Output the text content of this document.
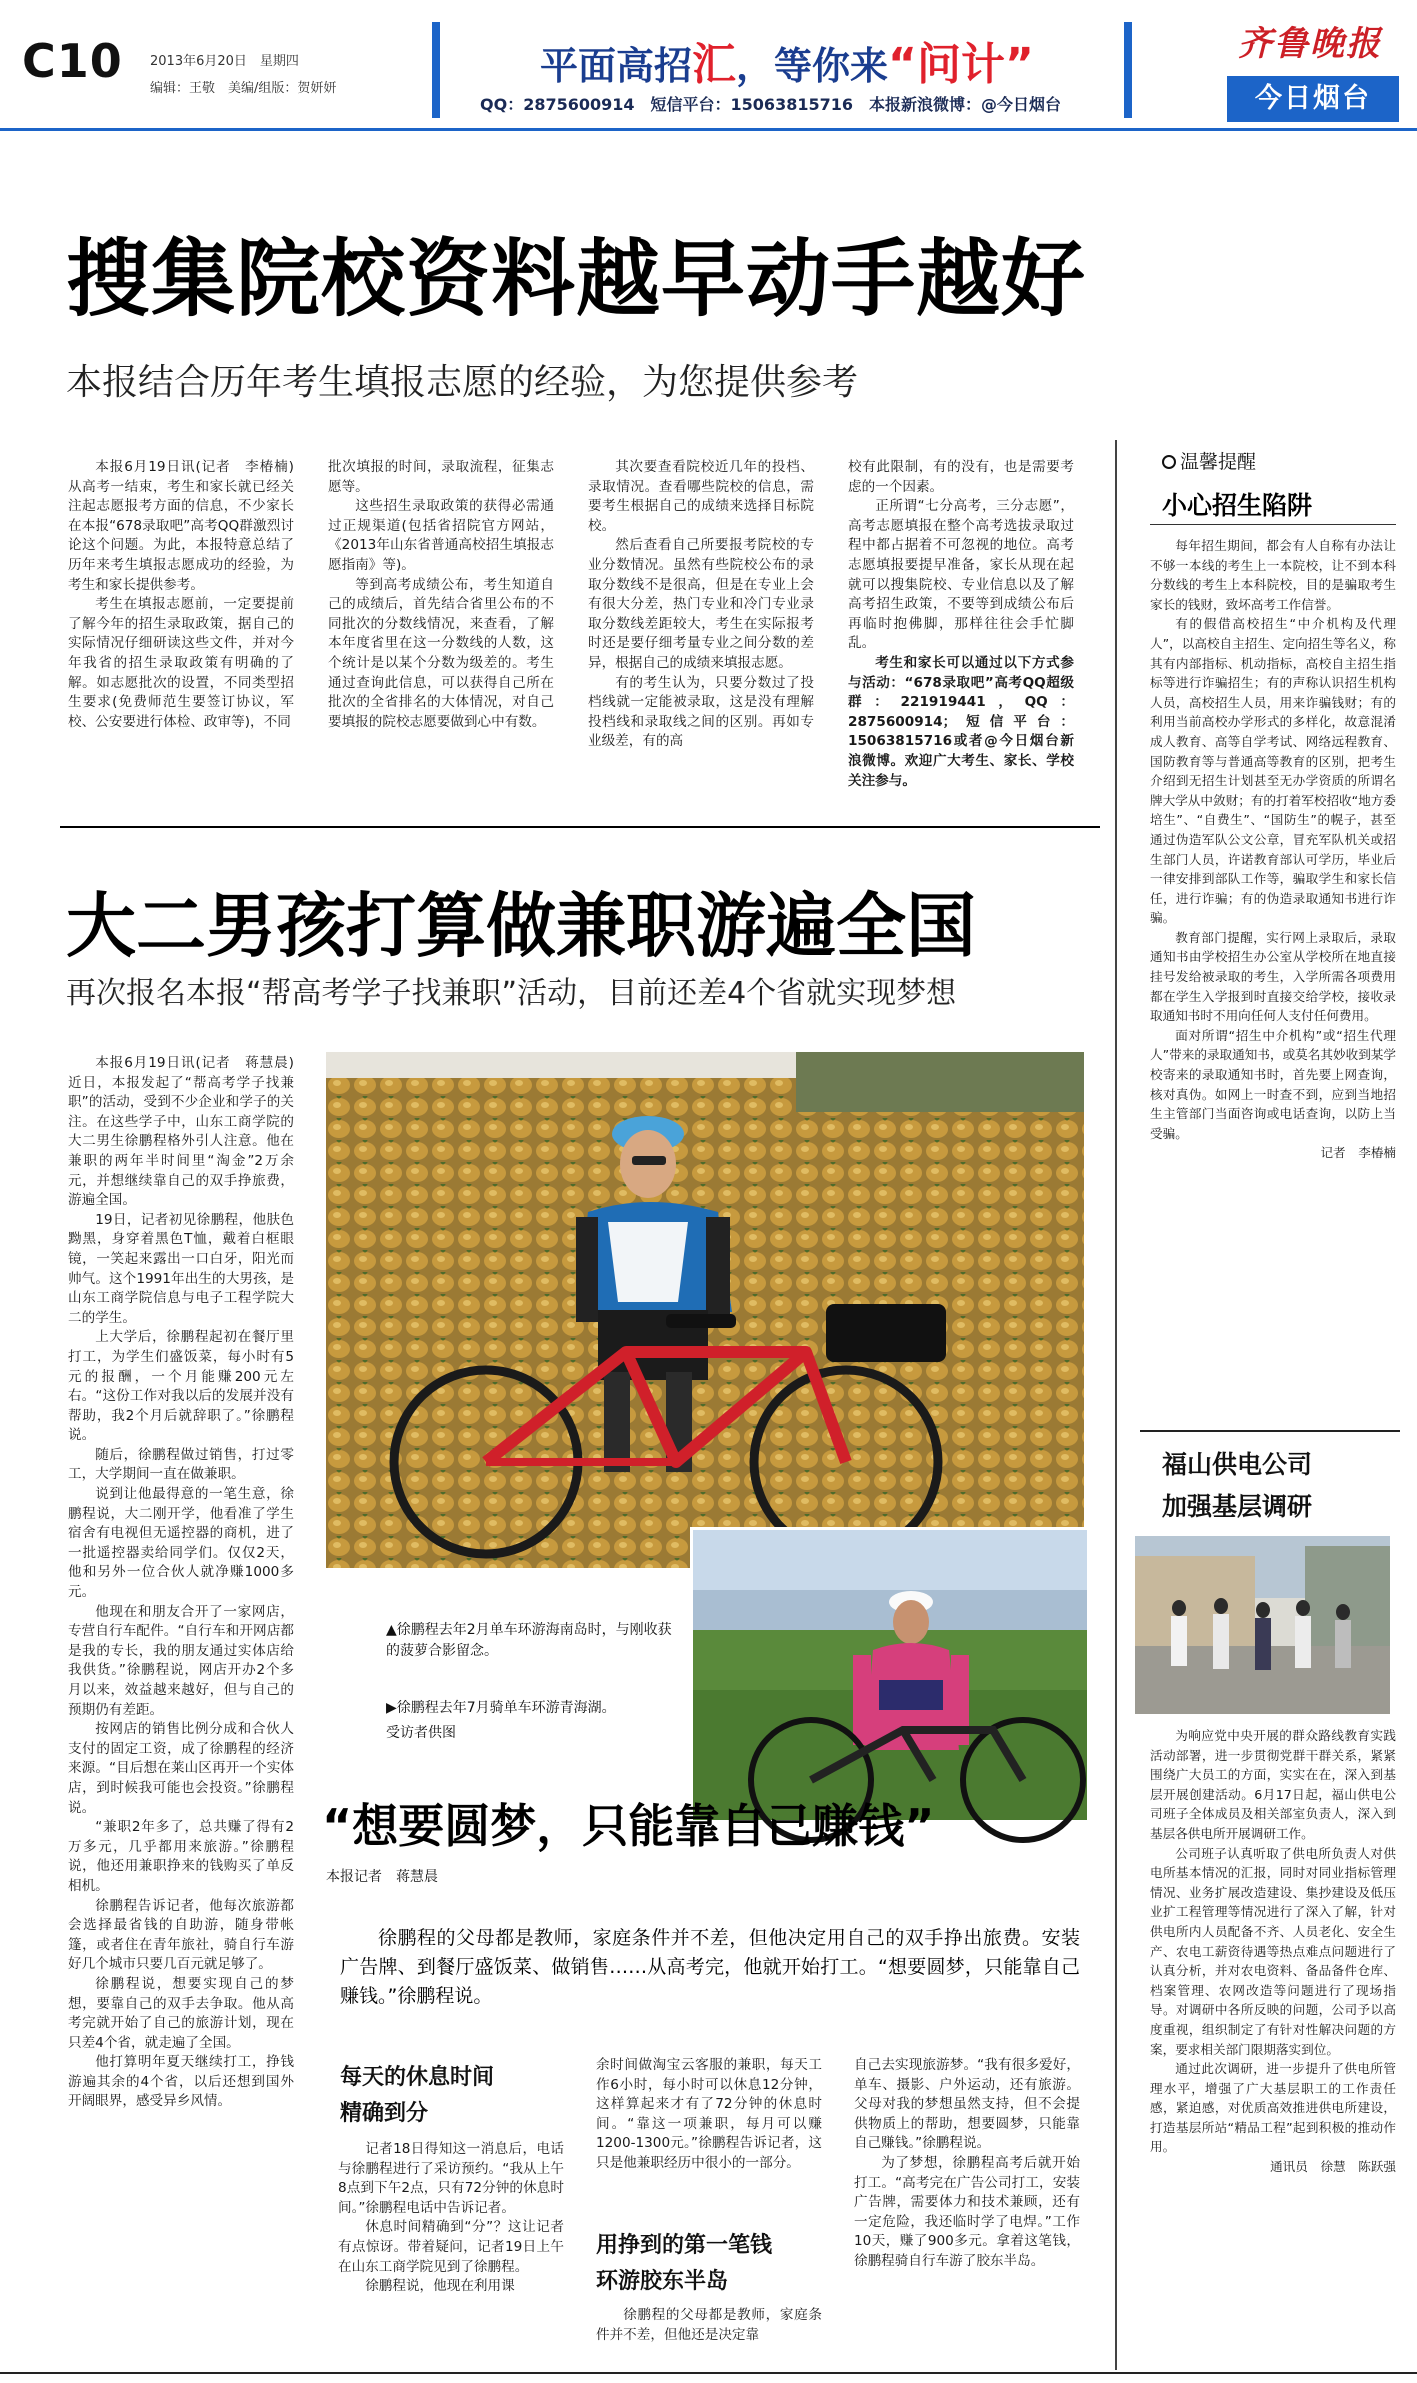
C10 2013年6月20日　星期四
编辑：王敬　美编/组版：贺妍妍
平面高招汇，等你来“问计”
QQ：2875600914　短信平台：15063815716　本报新浪微博：@今日烟台
齐鲁晚报
今日烟台
搜集院校资料越早动手越好
本报结合历年考生填报志愿的经验，为您提供参考

本报6月19日讯(记者　李椿楠)　从高考一结束，考生和家长就已经关注起志愿报考方面的信息，不少家长在本报“678录取吧”高考QQ群激烈讨论这个问题。为此，本报特意总结了历年来考生填报志愿成功的经验，为考生和家长提供参考。

考生在填报志愿前，一定要提前了解今年的招生录取政策，据自己的实际情况仔细研读这些文件，并对今年我省的招生录取政策有明确的了解。如志愿批次的设置，不同类型招生要求(免费师范生要签订协议，军校、公安要进行体检、政审等)，不同

批次填报的时间，录取流程，征集志愿等。

这些招生录取政策的获得必需通过正规渠道(包括省招院官方网站，《2013年山东省普通高校招生填报志愿指南》等)。

等到高考成绩公布，考生知道自己的成绩后，首先结合省里公布的不同批次的分数线情况，来查看，了解本年度省里在这一分数线的人数，这个统计是以某个分数为级差的。考生通过查询此信息，可以获得自己所在批次的全省排名的大体情况，对自己要填报的院校志愿要做到心中有数。

其次要查看院校近几年的投档、录取情况。查看哪些院校的信息，需要考生根据自己的成绩来选择目标院校。

然后查看自己所要报考院校的专业分数情况。虽然有些院校公布的录取分数线不是很高，但是在专业上会有很大分差，热门专业和冷门专业录取分数线差距较大，考生在实际报考时还是要仔细考量专业之间分数的差异，根据自己的成绩来填报志愿。

有的考生认为，只要分数过了投档线就一定能被录取，这是没有理解投档线和录取线之间的区别。再如专业级差，有的高

校有此限制，有的没有，也是需要考虑的一个因素。

正所谓“七分高考，三分志愿”，高考志愿填报在整个高考选拔录取过程中都占据着不可忽视的地位。高考志愿填报要提早准备，家长从现在起就可以搜集院校、专业信息以及了解高考招生政策，不要等到成绩公布后再临时抱佛脚，那样往往会手忙脚乱。

考生和家长可以通过以下方式参与活动：“678录取吧”高考QQ超级群：221919441，QQ：2875600914；短信平台：15063815716或者@今日烟台新浪微博。欢迎广大考生、家长、学校关注参与。

温馨提醒
小心招生陷阱

每年招生期间，都会有人自称有办法让不够一本线的考生上一本院校，让不到本科分数线的考生上本科院校，目的是骗取考生家长的钱财，致坏高考工作信誉。

有的假借高校招生“中介机构及代理人”，以高校自主招生、定向招生等名义，称其有内部指标、机动指标，高校自主招生指标等进行诈骗招生；有的声称认识招生机构人员，高校招生人员，用来诈骗钱财；有的利用当前高校办学形式的多样化，故意混淆成人教育、高等自学考试、网络远程教育、国防教育等与普通高等教育的区别，把考生介绍到无招生计划甚至无办学资质的所谓名牌大学从中敛财；有的打着军校招收“地方委培生”、“自费生”、“国防生”的幌子，甚至通过伪造军队公文公章，冒充军队机关或招生部门人员，许诺教育部认可学历，毕业后一律安排到部队工作等，骗取学生和家长信任，进行诈骗；有的伪造录取通知书进行诈骗。

教育部门提醒，实行网上录取后，录取通知书由学校招生办公室从学校所在地直接挂号发给被录取的考生，入学所需各项费用都在学生入学报到时直接交给学校，接收录取通知书时不用向任何人支付任何费用。

面对所谓“招生中介机构”或“招生代理人”带来的录取通知书，或莫名其妙收到某学校寄来的录取通知书时，首先要上网查询，核对真伪。如网上一时查不到，应到当地招生主管部门当面咨询或电话查询，以防上当受骗。

记者　李椿楠

福山供电公司
加强基层调研

为响应党中央开展的群众路线教育实践活动部署，进一步贯彻党群干群关系，紧紧围绕广大员工的方面，实实在在，深入到基层开展创建活动。6月17日起，福山供电公司班子全体成员及相关部室负责人，深入到基层各供电所开展调研工作。

公司班子认真听取了供电所负责人对供电所基本情况的汇报，同时对同业指标管理情况、业务扩展改造建设、集抄建设及低压业扩工程管理等情况进行了深入了解，针对供电所内人员配备不齐、人员老化、安全生产、农电工薪资待遇等热点难点问题进行了认真分析，并对农电资料、备品备件仓库、档案管理、农网改造等问题进行了现场指导。对调研中各所反映的问题，公司予以高度重视，组织制定了有针对性解决问题的方案，要求相关部门限期落实到位。

通过此次调研，进一步提升了供电所管理水平，增强了广大基层职工的工作责任感，紧迫感，对优质高效推进供电所建设，打造基层所站“精品工程”起到积极的推动作用。

通讯员　徐慧　陈跃强

大二男孩打算做兼职游遍全国
再次报名本报“帮高考学子找兼职”活动，目前还差4个省就实现梦想

本报6月19日讯(记者　蒋慧晨)　近日，本报发起了“帮高考学子找兼职”的活动，受到不少企业和学子的关注。在这些学子中，山东工商学院的大二男生徐鹏程格外引人注意。他在兼职的两年半时间里“淘金”2万余元，并想继续靠自己的双手挣旅费，游遍全国。

19日，记者初见徐鹏程，他肤色黝黑，身穿着黑色T恤，戴着白框眼镜，一笑起来露出一口白牙，阳光而帅气。这个1991年出生的大男孩，是山东工商学院信息与电子工程学院大二的学生。

上大学后，徐鹏程起初在餐厅里打工，为学生们盛饭菜，每小时有5元的报酬，一个月能赚200元左右。“这份工作对我以后的发展并没有帮助，我2个月后就辞职了。”徐鹏程说。

随后，徐鹏程做过销售，打过零工，大学期间一直在做兼职。

说到让他最得意的一笔生意，徐鹏程说，大二刚开学，他看准了学生宿舍有电视但无遥控器的商机，进了一批遥控器卖给同学们。仅仅2天，他和另外一位合伙人就净赚1000多元。

他现在和朋友合开了一家网店，专营自行车配件。“自行车和开网店都是我的专长，我的朋友通过实体店给我供货。”徐鹏程说，网店开办2个多月以来，效益越来越好，但与自己的预期仍有差距。

按网店的销售比例分成和合伙人支付的固定工资，成了徐鹏程的经济来源。“目后想在莱山区再开一个实体店，到时候我可能也会投资。”徐鹏程说。

“兼职2年多了，总共赚了得有2万多元，几乎都用来旅游。”徐鹏程说，他还用兼职挣来的钱购买了单反相机。

徐鹏程告诉记者，他每次旅游都会选择最省钱的自助游，随身带帐篷，或者住在青年旅社，骑自行车游好几个城市只要几百元就足够了。

徐鹏程说，想要实现自己的梦想，要靠自己的双手去争取。他从高考完就开始了自己的旅游计划，现在只差4个省，就走遍了全国。

他打算明年夏天继续打工，挣钱游遍其余的4个省，以后还想到国外开阔眼界，感受异乡风情。

▲徐鹏程去年2月单车环游海南岛时，与刚收获的菠萝合影留念。
▶徐鹏程去年7月骑单车环游青海湖。
受访者供图
“想要圆梦，只能靠自己赚钱”
本报记者　蒋慧晨
徐鹏程的父母都是教师，家庭条件并不差，但他决定用自己的双手挣出旅费。安装广告牌、到餐厅盛饭菜、做销售……从高考完，他就开始打工。“想要圆梦，只能靠自己赚钱。”徐鹏程说。
每天的休息时间
精确到分

记者18日得知这一消息后，电话与徐鹏程进行了采访预约。“我从上午8点到下午2点，只有72分钟的休息时间。”徐鹏程电话中告诉记者。

休息时间精确到“分”？这让记者有点惊讶。带着疑问，记者19日上午在山东工商学院见到了徐鹏程。

徐鹏程说，他现在利用课

余时间做淘宝云客服的兼职，每天工作6小时，每小时可以休息12分钟，这样算起来才有了72分钟的休息时间。“靠这一项兼职，每月可以赚1200-1300元。”徐鹏程告诉记者，这只是他兼职经历中很小的一部分。

用挣到的第一笔钱
环游胶东半岛

徐鹏程的父母都是教师，家庭条件并不差，但他还是决定靠

自己去实现旅游梦。“我有很多爱好，单车、摄影、户外运动，还有旅游。父母对我的梦想虽然支持，但不会提供物质上的帮助，想要圆梦，只能靠自己赚钱。”徐鹏程说。

为了梦想，徐鹏程高考后就开始打工。“高考完在广告公司打工，安装广告牌，需要体力和技术兼顾，还有一定危险，我还临时学了电焊。”工作10天，赚了900多元。拿着这笔钱，徐鹏程骑自行车游了胶东半岛。
